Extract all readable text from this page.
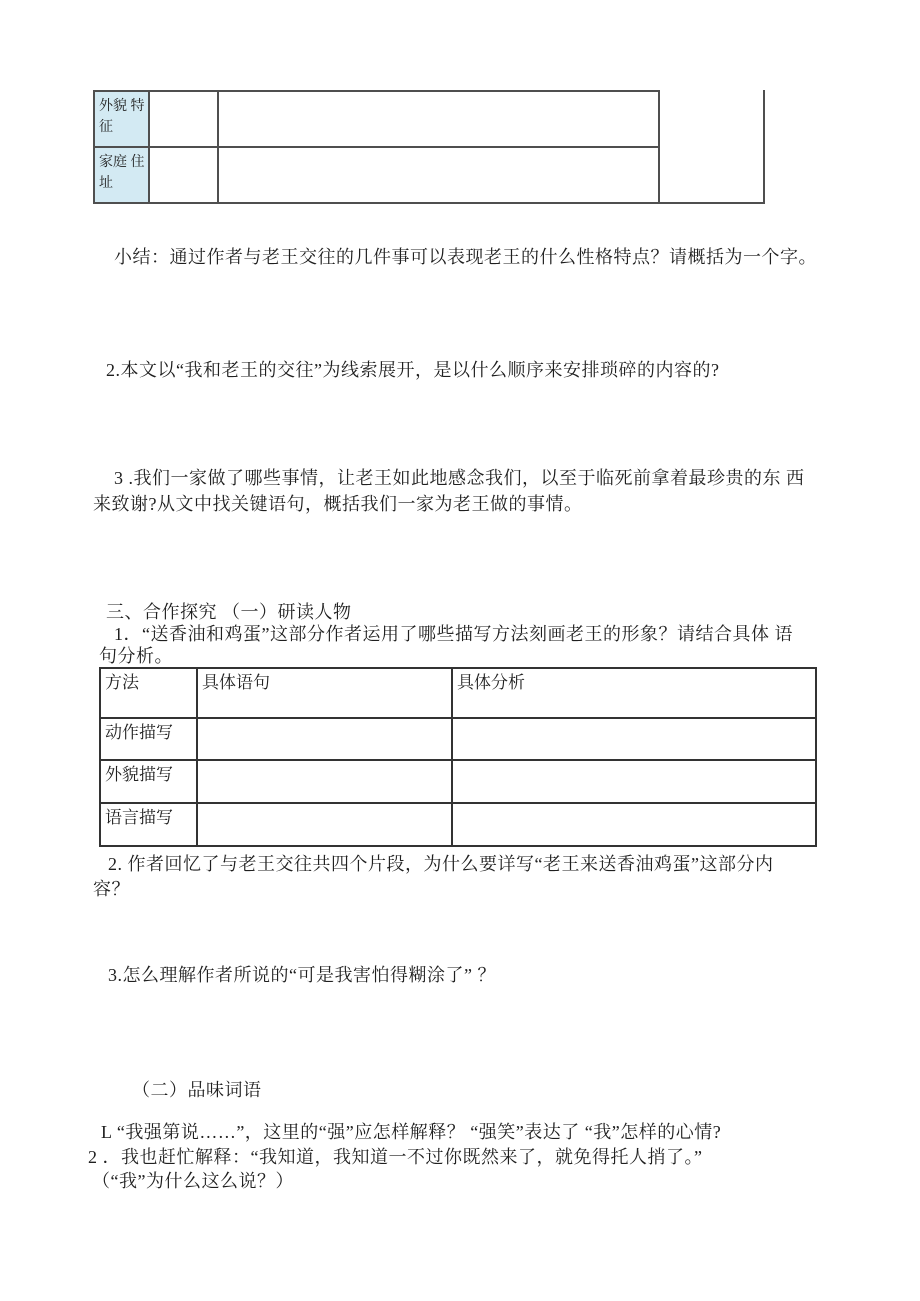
外貌 特
征
家庭 住
址
小结：通过作者与老王交往的几件事可以表现老王的什么性格特点？请概括为一个字。
2.本文以“我和老王的交往”为线索展开，是以什么顺序来安排琐碎的内容的?
3 .我们一家做了哪些事情，让老王如此地感念我们，以至于临死前拿着最珍贵的东 西
来致谢?从文中找关键语句，概括我们一家为老王做的事情。
三、合作探究 （一）研读人物
1．“送香油和鸡蛋”这部分作者运用了哪些描写方法刻画老王的形象？请结合具体 语
句分析。
方法	具体语句	具体分析
动作描写
外貌描写
语言描写
2. 作者回忆了与老王交往共四个片段，为什么要详写“老王来送香油鸡蛋”这部分内
容？
3.怎么理解作者所说的“可是我害怕得糊涂了” ？
（二）品味词语
L “我强第说……”，这里的“强”应怎样解释？ “强笑”表达了 “我”怎样的心情?
2 ．我也赶忙解释：“我知道，我知道一不过你既然来了，就免得托人捎了。”
（“我”为什么这么说？）
